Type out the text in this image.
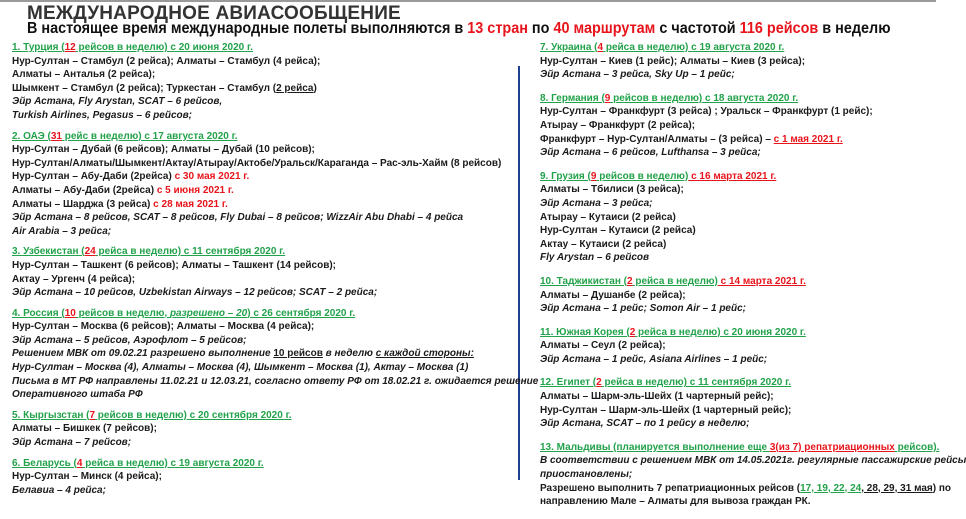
МЕЖДУНАРОДНОЕ АВИАСООБЩЕНИЕ
В настоящее время международные полеты выполняются в 13 стран по 40 маршрутам с частотой 116 рейсов в неделю
1. Турция (12 рейсов в неделю) с 20 июня 2020 г.
Нур-Султан – Стамбул (2 рейса); Алматы – Стамбул (4 рейса);
Алматы – Анталья (2 рейса);
Шымкент – Стамбул (2 рейса); Туркестан – Стамбул (2 рейса)
Эйр Астана, Fly Arystan, SCAT – 6 рейсов,
Turkish Airlines, Pegasus – 6 рейсов;
2. ОАЭ (31 рейс в неделю) с 17 августа 2020 г.
Нур-Султан – Дубай (6 рейсов); Алматы – Дубай (10 рейсов);
Нур-Султан/Алматы/Шымкент/Актау/Атырау/Актобе/Уральск/Караганда – Рас-эль-Хайм (8 рейсов)
Нур-Султан – Абу-Даби (2рейса) с 30 мая 2021 г.
Алматы – Абу-Даби (2рейса) с 5 июня 2021 г.
Алматы – Шарджа (3 рейса) с 28 мая 2021 г.
Эйр Астана – 8 рейсов, SCAT – 8 рейсов, Fly Dubai – 8 рейсов; WizzAir Abu Dhabi – 4 рейса
Air Arabia – 3 рейса;
3. Узбекистан (24 рейса в неделю) с 11 сентября 2020 г.
Нур-Султан – Ташкент (6 рейсов); Алматы – Ташкент (14 рейсов);
Актау – Ургенч (4 рейса);
Эйр Астана – 10 рейсов, Uzbekistan Airways – 12 рейсов; SCAT – 2 рейса;
4. Россия (10 рейсов в неделю, разрешено – 20) с 26 сентября 2020 г.
Нур-Султан – Москва (6 рейсов); Алматы – Москва (4 рейса);
Эйр Астана – 5 рейсов, Аэрофлот – 5 рейсов;
Решением МВК от 09.02.21 разрешено выполнение 10 рейсов в неделю с каждой стороны:
Нур-Султан – Москва (4), Алматы – Москва (4), Шымкент – Москва (1), Актау – Москва (1)
Письма в МТ РФ направлены 11.02.21 и 12.03.21, согласно ответу РФ от 18.02.21 г. ожидается решение
Оперативного штаба РФ
5. Кыргызстан (7 рейсов в неделю) с 20 сентября 2020 г.
Алматы – Бишкек (7 рейсов);
Эйр Астана – 7 рейсов;
6. Беларусь (4 рейса в неделю) с 19 августа 2020 г.
Нур-Султан – Минск (4 рейса);
Белавиа – 4 рейса;
7. Украина (4 рейса в неделю) с 19 августа 2020 г.
Нур-Султан – Киев (1 рейс); Алматы – Киев (3 рейса);
Эйр Астана – 3 рейса, Sky Up – 1 рейс;
8. Германия (9 рейсов в неделю) с 18 августа 2020 г.
Нур-Султан – Франкфурт (3 рейса) ; Уральск – Франкфурт (1 рейс);
Атырау – Франкфурт (2 рейса);
Франкфурт – Нур-Султан/Алматы – (3 рейса) – с 1 мая 2021 г.
Эйр Астана – 6 рейсов, Lufthansa – 3 рейса;
9. Грузия (9 рейсов в неделю) с 16 марта 2021 г.
Алматы – Тбилиси (3 рейса);
Эйр Астана – 3 рейса;
Атырау – Кутаиси (2 рейса)
Нур-Султан – Кутаиси (2 рейса)
Актау – Кутаиси (2 рейса)
Fly Arystan – 6 рейсов
10. Таджикистан (2 рейса в неделю) с 14 марта 2021 г.
Алматы – Душанбе (2 рейса);
Эйр Астана – 1 рейс; Somon Air – 1 рейс;
11. Южная Корея (2 рейса в неделю) с 20 июня 2020 г.
Алматы – Сеул (2 рейса);
Эйр Астана – 1 рейс, Asiana Airlines – 1 рейс;
12. Египет (2 рейса в неделю) с 11 сентября 2020 г.
Алматы – Шарм-эль-Шейх (1 чартерный рейс);
Нур-Султан – Шарм-эль-Шейх (1 чартерный рейс);
Эйр Астана, SCAT – по 1 рейсу в неделю;
13. Мальдивы (планируется выполнение еще 3(из 7) репатриационных рейсов).
В соответствии с решением МВК от 14.05.2021г. регулярные пассажирские рейсы
приостановлены;
Разрешено выполнить 7 репатриационных рейсов (17, 19, 22, 24, 28, 29, 31 мая) по
направлению Мале – Алматы для вывоза граждан РК.
